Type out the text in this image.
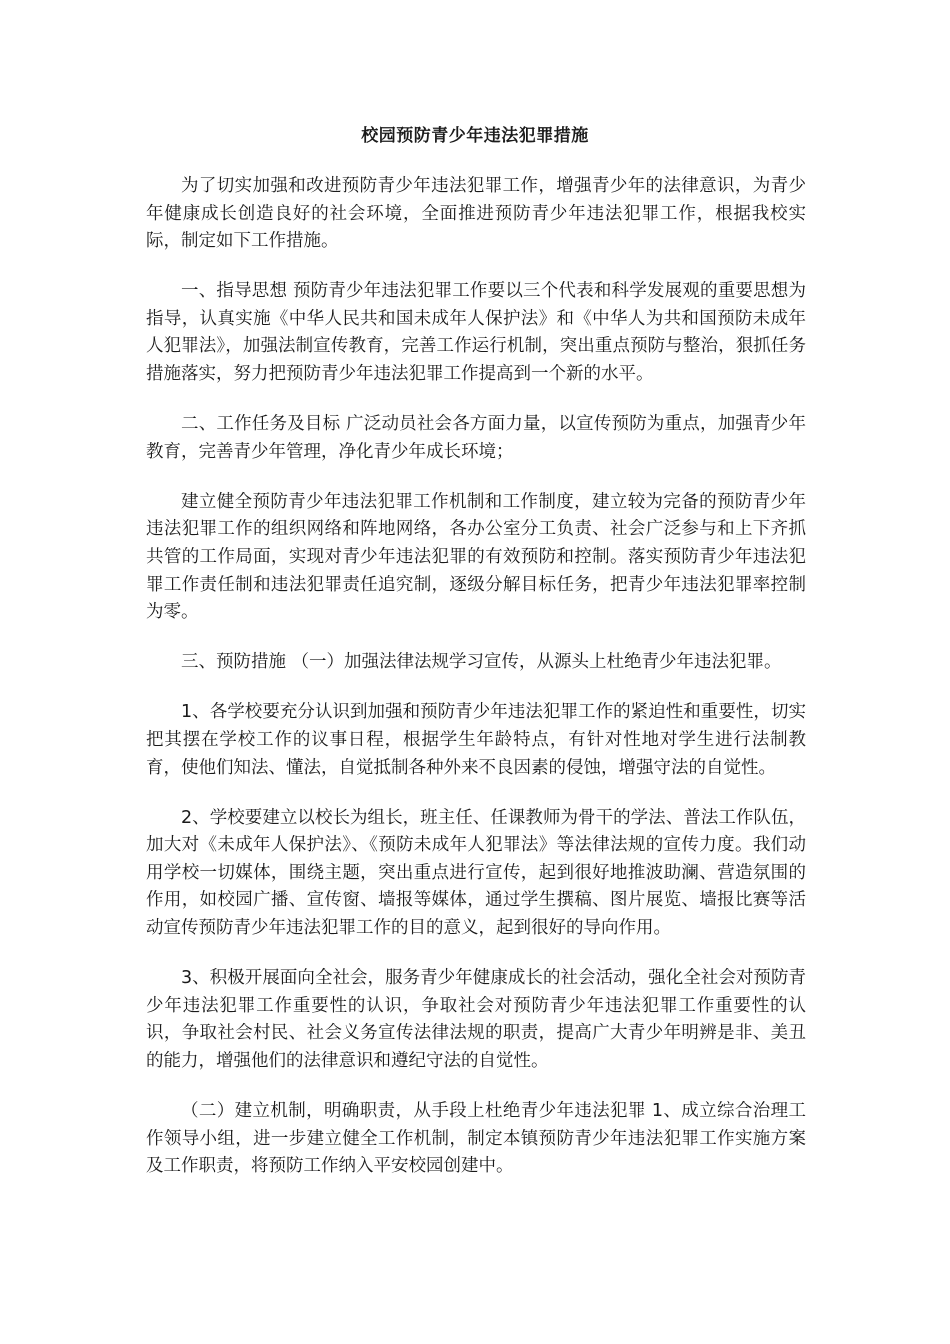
校园预防青少年违法犯罪措施

为了切实加强和改进预防青少年违法犯罪工作，增强青少年的法律意识，为青少年健康成长创造良好的社会环境，全面推进预防青少年违法犯罪工作，根据我校实际，制定如下工作措施。

一、指导思想 预防青少年违法犯罪工作要以三个代表和科学发展观的重要思想为指导，认真实施《中华人民共和国未成年人保护法》和《中华人为共和国预防未成年人犯罪法》，加强法制宣传教育，完善工作运行机制，突出重点预防与整治，狠抓任务措施落实，努力把预防青少年违法犯罪工作提高到一个新的水平。

二、工作任务及目标 广泛动员社会各方面力量，以宣传预防为重点，加强青少年教育，完善青少年管理，净化青少年成长环境；

建立健全预防青少年违法犯罪工作机制和工作制度，建立较为完备的预防青少年违法犯罪工作的组织网络和阵地网络，各办公室分工负责、社会广泛参与和上下齐抓共管的工作局面，实现对青少年违法犯罪的有效预防和控制。落实预防青少年违法犯罪工作责任制和违法犯罪责任追究制，逐级分解目标任务，把青少年违法犯罪率控制为零。

三、预防措施 （一）加强法律法规学习宣传，从源头上杜绝青少年违法犯罪。

1、各学校要充分认识到加强和预防青少年违法犯罪工作的紧迫性和重要性，切实把其摆在学校工作的议事日程，根据学生年龄特点，有针对性地对学生进行法制教育，使他们知法、懂法，自觉抵制各种外来不良因素的侵蚀，增强守法的自觉性。

2、学校要建立以校长为组长，班主任、任课教师为骨干的学法、普法工作队伍，加大对《未成年人保护法》、《预防未成年人犯罪法》等法律法规的宣传力度。我们动用学校一切媒体，围绕主题，突出重点进行宣传，起到很好地推波助澜、营造氛围的作用，如校园广播、宣传窗、墙报等媒体，通过学生撰稿、图片展览、墙报比赛等活动宣传预防青少年违法犯罪工作的目的意义，起到很好的导向作用。

3、积极开展面向全社会，服务青少年健康成长的社会活动，强化全社会对预防青少年违法犯罪工作重要性的认识，争取社会对预防青少年违法犯罪工作重要性的认识，争取社会村民、社会义务宣传法律法规的职责，提高广大青少年明辨是非、美丑的能力，增强他们的法律意识和遵纪守法的自觉性。

（二）建立机制，明确职责，从手段上杜绝青少年违法犯罪 1、成立综合治理工作领导小组，进一步建立健全工作机制，制定本镇预防青少年违法犯罪工作实施方案及工作职责，将预防工作纳入平安校园创建中。
